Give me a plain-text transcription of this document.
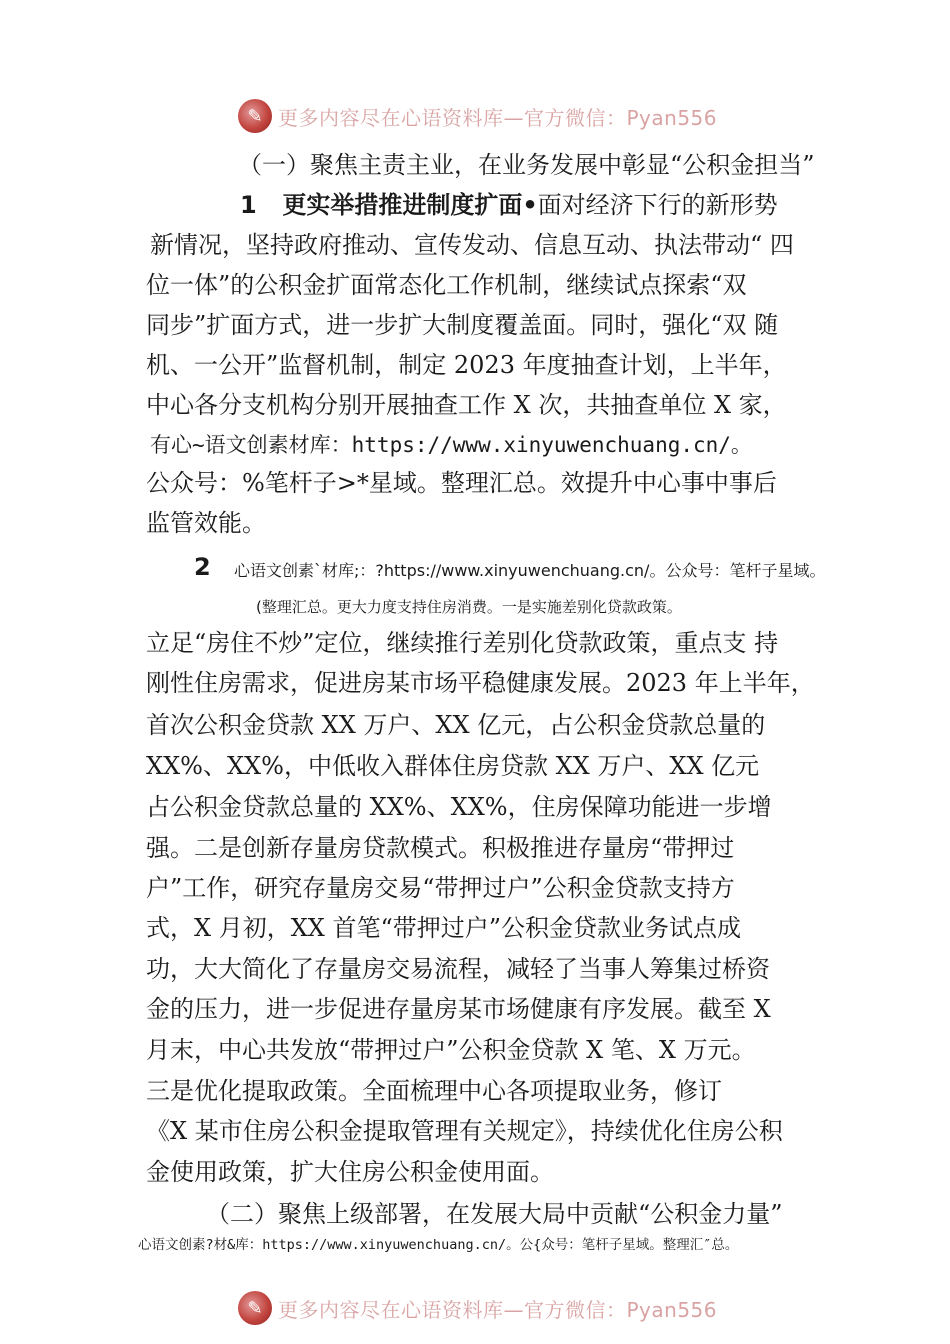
✎ 更多内容尽在心语资料库—官方微信：Pyan556
（一）聚焦主责主业，在业务发展中彰显“公积金担当”
1 更实举措推进制度扩面•面对经济下行的新形势
新情况，坚持政府推动、宣传发动、信息互动、执法带动“ 四
位一体”的公积金扩面常态化工作机制，继续试点探索“双
同步”扩面方式，进一步扩大制度覆盖面。同时，强化“双 随
机、一公开”监督机制，制定 2023 年度抽查计划，上半年，
中心各分支机构分别开展抽查工作 X 次，共抽查单位 X 家，
有心~语文创素材库：https://www.xinyuwenchuang.cn/。
公众号：%笔杆子>*星域。整理汇总。效提升中心事中事后
监管效能。
2 心语文创素`材库;：?https://www.xinyuwenchuang.cn/。公众号：笔杆子星域。
(整理汇总。更大力度支持住房消费。一是实施差别化贷款政策。
立足“房住不炒”定位，继续推行差别化贷款政策，重点支 持
刚性住房需求，促进房某市场平稳健康发展。2023 年上半年，
首次公积金贷款 XX 万户、XX 亿元，占公积金贷款总量的
XX%、XX%，中低收入群体住房贷款 XX 万户、XX 亿元
占公积金贷款总量的 XX%、XX%，住房保障功能进一步增
强。二是创新存量房贷款模式。积极推进存量房“带押过
户”工作，研究存量房交易“带押过户”公积金贷款支持方
式，X 月初，XX 首笔“带押过户”公积金贷款业务试点成
功，大大简化了存量房交易流程，减轻了当事人筹集过桥资
金的压力，进一步促进存量房某市场健康有序发展。截至 X
月末，中心共发放“带押过户”公积金贷款 X 笔、X 万元。
三是优化提取政策。全面梳理中心各项提取业务，修订
《X 某市住房公积金提取管理有关规定》，持续优化住房公积
金使用政策，扩大住房公积金使用面。
（二）聚焦上级部署，在发展大局中贡献“公积金力量”
心语文创素?材&库：https://www.xinyuwenchuang.cn/。公{众号：笔杆子星域。整理汇″总。
✎ 更多内容尽在心语资料库—官方微信：Pyan556
